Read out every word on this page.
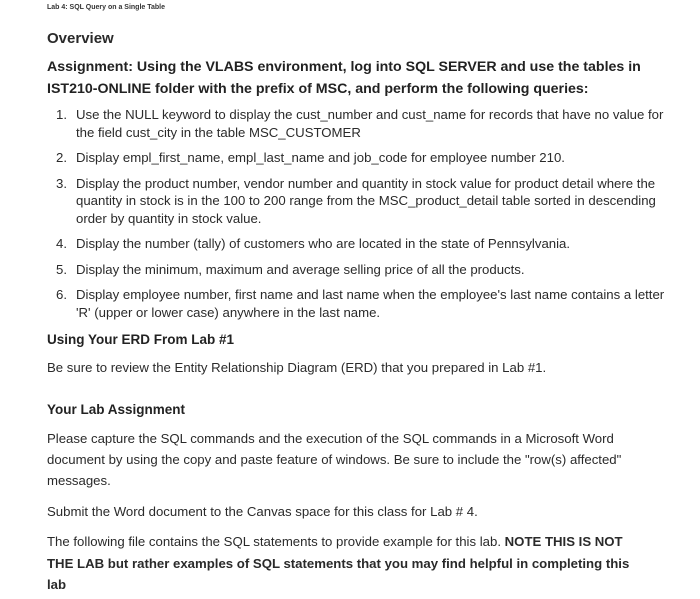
Lab 4: SQL Query on a Single Table
Overview
Assignment: Using the VLABS environment, log into SQL SERVER and use the tables in IST210-ONLINE folder with the prefix of MSC, and perform the following queries:
1. Use the NULL keyword to display the cust_number and cust_name for records that have no value for the field cust_city in the table MSC_CUSTOMER
2. Display empl_first_name, empl_last_name and job_code for employee number 210.
3. Display the product number, vendor number and quantity in stock value for product detail where the quantity in stock is in the 100 to 200 range from the MSC_product_detail table sorted in descending order by quantity in stock value.
4. Display the number (tally) of customers who are located in the state of Pennsylvania.
5. Display the minimum, maximum and average selling price of all the products.
6. Display employee number, first name and last name when the employee's last name contains a letter 'R' (upper or lower case) anywhere in the last name.
Using Your ERD From Lab #1
Be sure to review the Entity Relationship Diagram (ERD) that you prepared in Lab #1.
Your Lab Assignment
Please capture the SQL commands and the execution of the SQL commands in a Microsoft Word document by using the copy and paste feature of windows. Be sure to include the "row(s) affected" messages.
Submit the Word document to the Canvas space for this class for Lab # 4.
The following file contains the SQL statements to provide example for this lab. NOTE THIS IS NOT THE LAB but rather examples of SQL statements that you may find helpful in completing this lab
